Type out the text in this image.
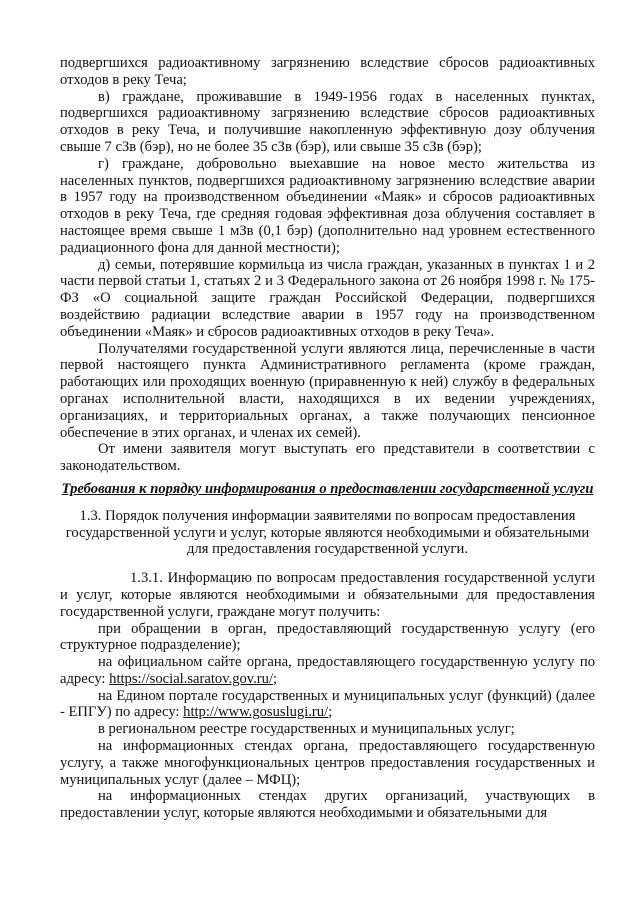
подвергшихся радиоактивному загрязнению вследствие сбросов радиоактивных отходов в реку Теча;

в) граждане, проживавшие в 1949-1956 годах в населенных пунктах, подвергшихся радиоактивному загрязнению вследствие сбросов радиоактивных отходов в реку Теча, и получившие накопленную эффективную дозу облучения свыше 7 сЗв (бэр), но не более 35 сЗв (бэр), или свыше 35 сЗв (бэр);

г) граждане, добровольно выехавшие на новое место жительства из населенных пунктов, подвергшихся радиоактивному загрязнению вследствие аварии в 1957 году на производственном объединении «Маяк» и сбросов радиоактивных отходов в реку Теча, где средняя годовая эффективная доза облучения составляет в настоящее время свыше 1 мЗв (0,1 бэр) (дополнительно над уровнем естественного радиационного фона для данной местности);

д) семьи, потерявшие кормильца из числа граждан, указанных в пунктах 1 и 2 части первой статьи 1, статьях 2 и 3 Федерального закона от 26 ноября 1998 г. № 175-ФЗ «О социальной защите граждан Российской Федерации, подвергшихся воздействию радиации вследствие аварии в 1957 году на производственном объединении «Маяк» и сбросов радиоактивных отходов в реку Теча».

Получателями государственной услуги являются лица, перечисленные в части первой настоящего пункта Административного регламента (кроме граждан, работающих или проходящих военную (приравненную к ней) службу в федеральных органах исполнительной власти, находящихся в их ведении учреждениях, организациях, и территориальных органах, а также получающих пенсионное обеспечение в этих органах, и членах их семей).

От имени заявителя могут выступать его представители в соответствии с законодательством.

Требования к порядку информирования о предоставлении государственной услуги

1.3. Порядок получения информации заявителями по вопросам предоставления государственной услуги и услуг, которые являются необходимыми и обязательными для предоставления государственной услуги.

1.3.1. Информацию по вопросам предоставления государственной услуги и услуг, которые являются необходимыми и обязательными для предоставления государственной услуги, граждане могут получить:

при обращении в орган, предоставляющий государственную услугу (его структурное подразделение);

на официальном сайте органа, предоставляющего государственную услугу по адресу: https://social.saratov.gov.ru/;

на Едином портале государственных и муниципальных услуг (функций) (далее - ЕПГУ) по адресу: http://www.gosuslugi.ru/;

в региональном реестре государственных и муниципальных услуг;

на информационных стендах органа, предоставляющего государственную услугу, а также многофункциональных центров предоставления государственных и муниципальных услуг (далее – МФЦ);

на информационных стендах других организаций, участвующих в предоставлении услуг, которые являются необходимыми и обязательными для
